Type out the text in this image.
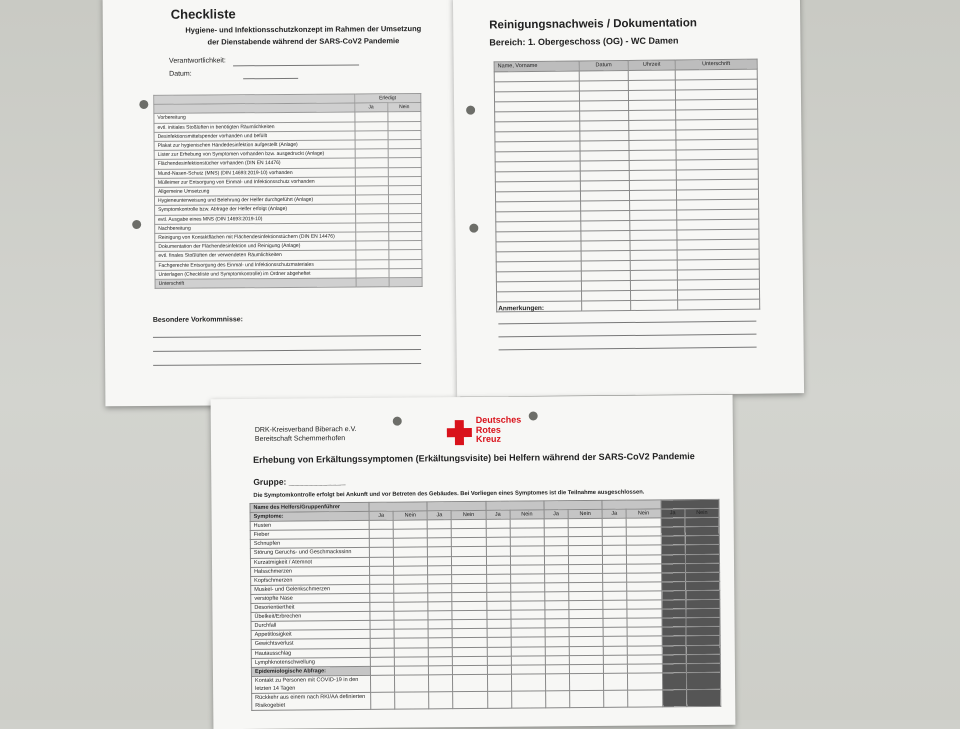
Checkliste
Hygiene- und Infektionsschutzkonzept im Rahmen der Umsetzung
der Dienstabende während der SARS-CoV2 Pandemie
Verantwortlichkeit:
Datum:
	Erledigt	
	Ja	Nein
Vorbereitung		
evtl. initiales Stoßlüften in benötigten Räumlichkeiten		
Desinfektionsmittelspender vorhanden und befüllt		
Plakat zur hygienischen Händedesinfektion aufgestellt (Anlage)		
Lister zur Erhebung von Symptomen vorhanden bzw. ausgedruckt (Anlage)		
Flächendesinfektionstücher vorhanden (DIN EN 14476)		
Mund-Nasen-Schutz (MNS) (DIN 14693:2019-10) vorhanden		
Mülleimer zur Entsorgung von Einmal- und Infektionsschutz vorhanden		
Allgemeine Umsetzung		
Hygieneunterweisung und Belehrung der Helfer durchgeführt (Anlage)		
Symptomkontrolle bzw. Abfrage der Helfer erfolgt (Anlage)		
evtl. Ausgabe eines MNS (DIN 14693:2019-10)		
Nachbereitung		
Reinigung von Kontaktflächen mit Flächendesinfektionstüchern (DIN EN 14476)		
Dokumentation der Flächendesinfektion und Reinigung (Anlage)		
evtl. finales Stoßlüften der verwendeten Räumlichkeiten		
Fachgerechte Entsorgung des Einmal- und Infektionsschutzmateriales		
Unterlagen (Checkliste und Symptomkontrolle) im Ordner abgeheftet		
Unterschrift		
Besondere Vorkommnisse:
Reinigungsnachweis / Dokumentation
Bereich: 1. Obergeschoss (OG) - WC Damen
Name, Vorname	Datum	Uhrzeit	Unterschrift

Anmerkungen:
DRK-Kreisverband Biberach e.V.
Bereitschaft Schemmerhofen
Deutsches
Rotes
Kreuz
Erhebung von Erkältungssymptomen (Erkältungsvisite) bei Helfern während der SARS-CoV2 Pandemie
Gruppe: ____________
Die Symptomkontrolle erfolgt bei Ankunft und vor Betreten des Gebäudes. Bei Vorliegen eines Symptomes ist die Teilnahme ausgeschlossen.
Name des Helfers/Gruppenführer												
Symptome:	Ja	Nein	Ja	Nein	Ja	Nein	Ja	Nein	Ja	Nein	Ja	Nein
Husten												
Fieber												
Schnupfen												
Störung Geruchs- und Geschmackssinn												
Kurzatmigkeit / Atemnot												
Halsschmerzen												
Kopfschmerzen												
Muskel- und Gelenkschmerzen												
verstopfte Nase												
Desorientiertheit												
Übelkeit/Erbrechen												
Durchfall												
Appetitlosigkeit												
Gewichtsverlust												
Hautausschlag												
Lymphknotenschwellung												
Epidemiologische Abfrage:												
Kontakt zu Personen mit COVID-19 in den letzten 14 Tagen												
Rückkehr aus einem nach RKI/AA definierten Risikogebiet												
